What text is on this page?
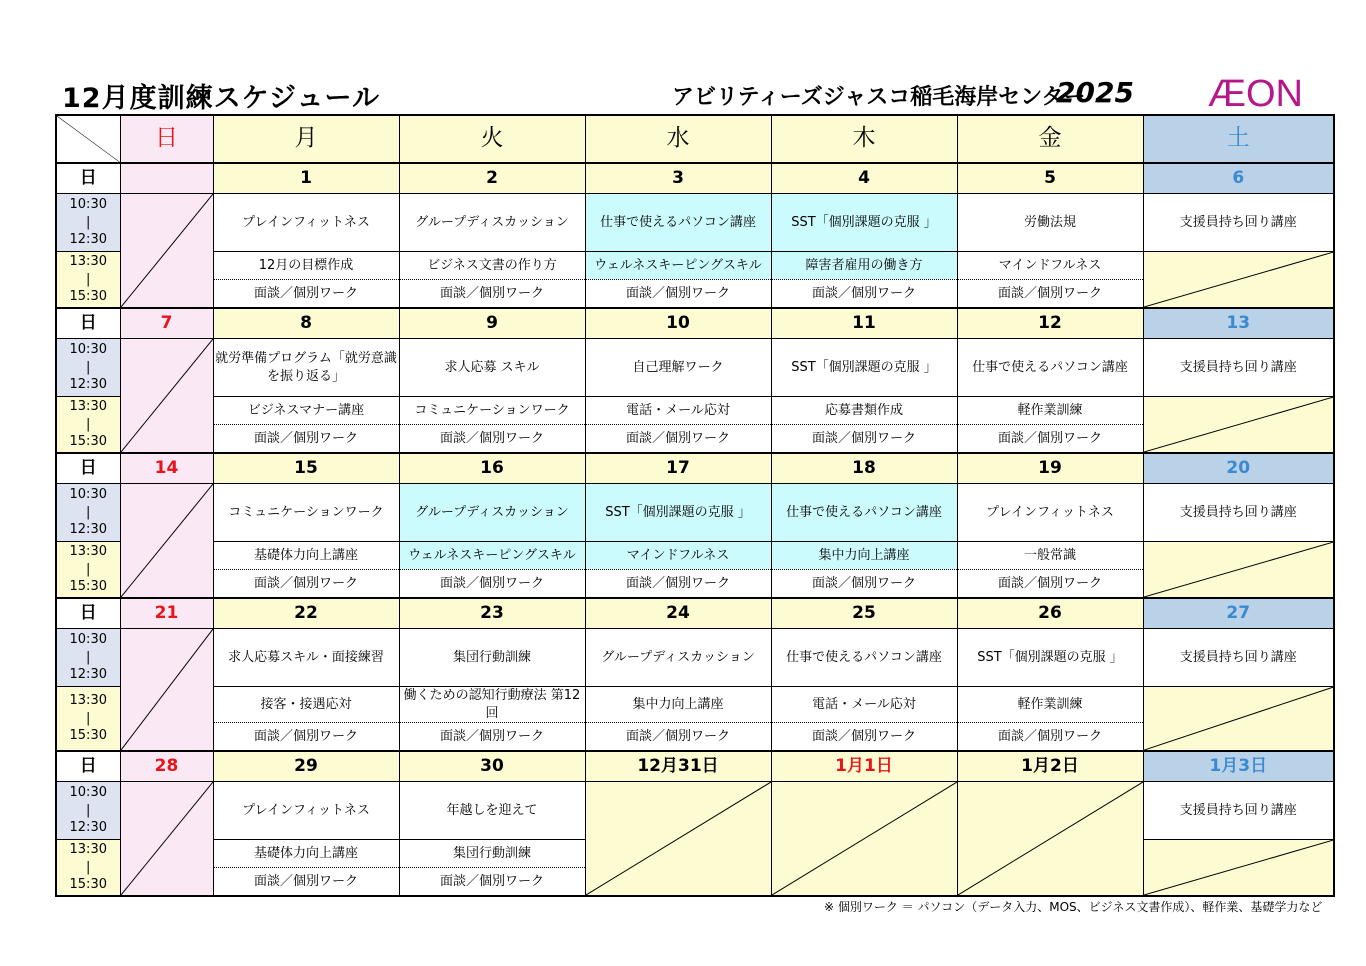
12月度訓練スケジュール	アビリティーズジャスコ稲毛海岸センター
2025 ÆON
	日	月	火	水	木	金	土
日		1	2	3	4	5	6

10:30
|
12:30		プレインフィットネス	グループディスカッション	仕事で使えるパソコン講座	SST「個別課題の克服 」	労働法規	支援員持ち回り講座

13:30
|
15:30		12月の目標作成	ビジネス文書の作り方	ウェルネスキーピングスキル	障害者雇用の働き方	マインドフルネス	

		面談／個別ワーク	面談／個別ワーク	面談／個別ワーク	面談／個別ワーク	面談／個別ワーク	
日	7	8	9	10	11	12	13

10:30
|
12:30		就労準備プログラム「就労意識を振り返る」	求人応募 スキル	自己理解ワーク	SST「個別課題の克服 」	仕事で使えるパソコン講座	支援員持ち回り講座

13:30
|
15:30		ビジネスマナー講座	コミュニケーションワーク	電話・メール応対	応募書類作成	軽作業訓練	

		面談／個別ワーク	面談／個別ワーク	面談／個別ワーク	面談／個別ワーク	面談／個別ワーク	
日	14	15	16	17	18	19	20

10:30
|
12:30		コミュニケーションワーク	グループディスカッション	SST「個別課題の克服 」	仕事で使えるパソコン講座	プレインフィットネス	支援員持ち回り講座

13:30
|
15:30		基礎体力向上講座	ウェルネスキーピングスキル	マインドフルネス	集中力向上講座	一般常識	

		面談／個別ワーク	面談／個別ワーク	面談／個別ワーク	面談／個別ワーク	面談／個別ワーク	
日	21	22	23	24	25	26	27

10:30
|
12:30		求人応募スキル・面接練習	集団行動訓練	グループディスカッション	仕事で使えるパソコン講座	SST「個別課題の克服 」	支援員持ち回り講座

13:30
|
15:30		接客・接遇応対	働くための認知行動療法 第12回	集中力向上講座	電話・メール応対	軽作業訓練	

		面談／個別ワーク	面談／個別ワーク	面談／個別ワーク	面談／個別ワーク	面談／個別ワーク	
日	28	29	30	12月31日	1月1日	1月2日	1月3日

10:30
|
12:30		プレインフィットネス	年越しを迎えて				支援員持ち回り講座

13:30
|
15:30		基礎体力向上講座	集団行動訓練	

		面談／個別ワーク	面談／個別ワーク				
※ 個別ワーク ＝ パソコン（データ入力、MOS、ビジネス文書作成）、軽作業、基礎学力など
